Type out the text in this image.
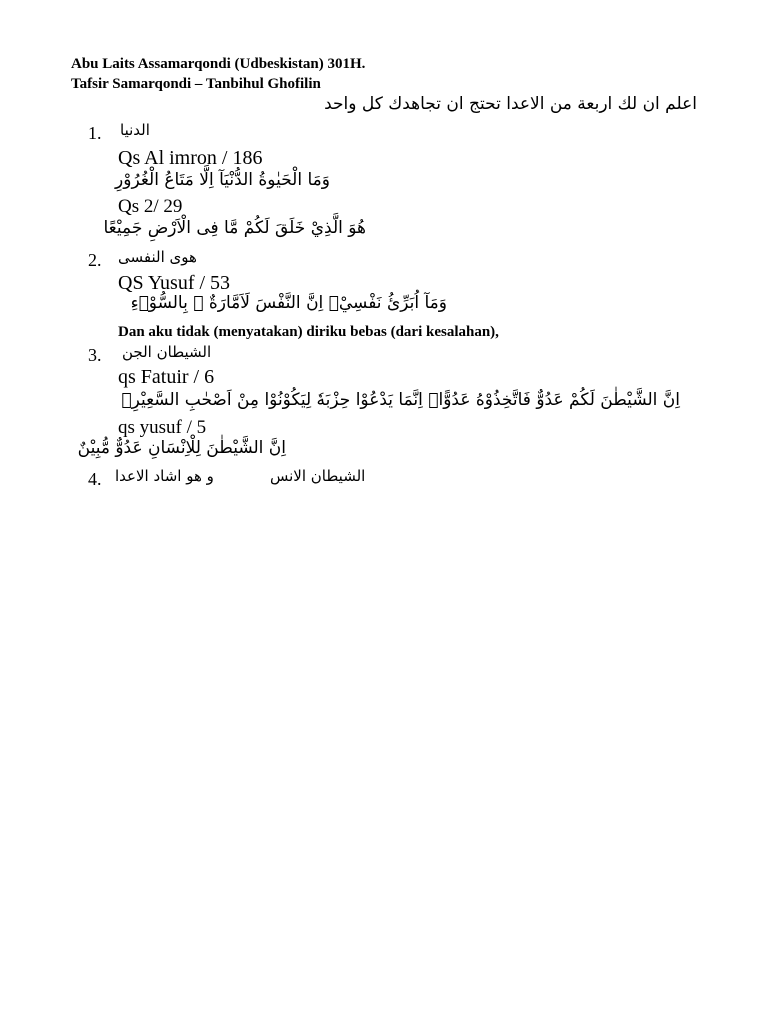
Abu Laits Assamarqondi (Udbeskistan) 301H.
Tafsir Samarqondi – Tanbihul Ghofilin
اعلم ان لك اربعة من الاعدا تحتج ان تجاهدك كل واحد
1. الدنيا
Qs Al imron / 186
وَمَا الْحَيٰوةُ الدُّنْيَآ اِلَّا مَتَاعُ الْغُرُوْرِ
Qs 2/ 29
هُوَ الَّذِيْ خَلَقَ لَكُمْ مَّا فِى الْاَرْضِ جَمِيْعًا
2. هوى النفسى
QS Yusuf / 53
وَمَآ اُبَرِّئُ نَفْسِيْۚ اِنَّ النَّفْسَ لَاَمَّارَةٌ ۢ بِالسُّوْۤءِ
Dan aku tidak (menyatakan) diriku bebas (dari kesalahan),
3. الشيطان الجن
qs Fatuir / 6
اِنَّ الشَّيْطٰنَ لَكُمْ عَدُوٌّ فَاتَّخِذُوْهُ عَدُوًّاۗ اِنَّمَا يَدْعُوْا حِزْبَهٗ لِيَكُوْنُوْا مِنْ اَصْحٰبِ السَّعِيْرِۗ
qs yusuf / 5
اِنَّ الشَّيْطٰنَ لِلْاِنْسَانِ عَدُوٌّ مُّبِيْنٌ
4. و هو اشاد الاعدا	الشيطان الانس
